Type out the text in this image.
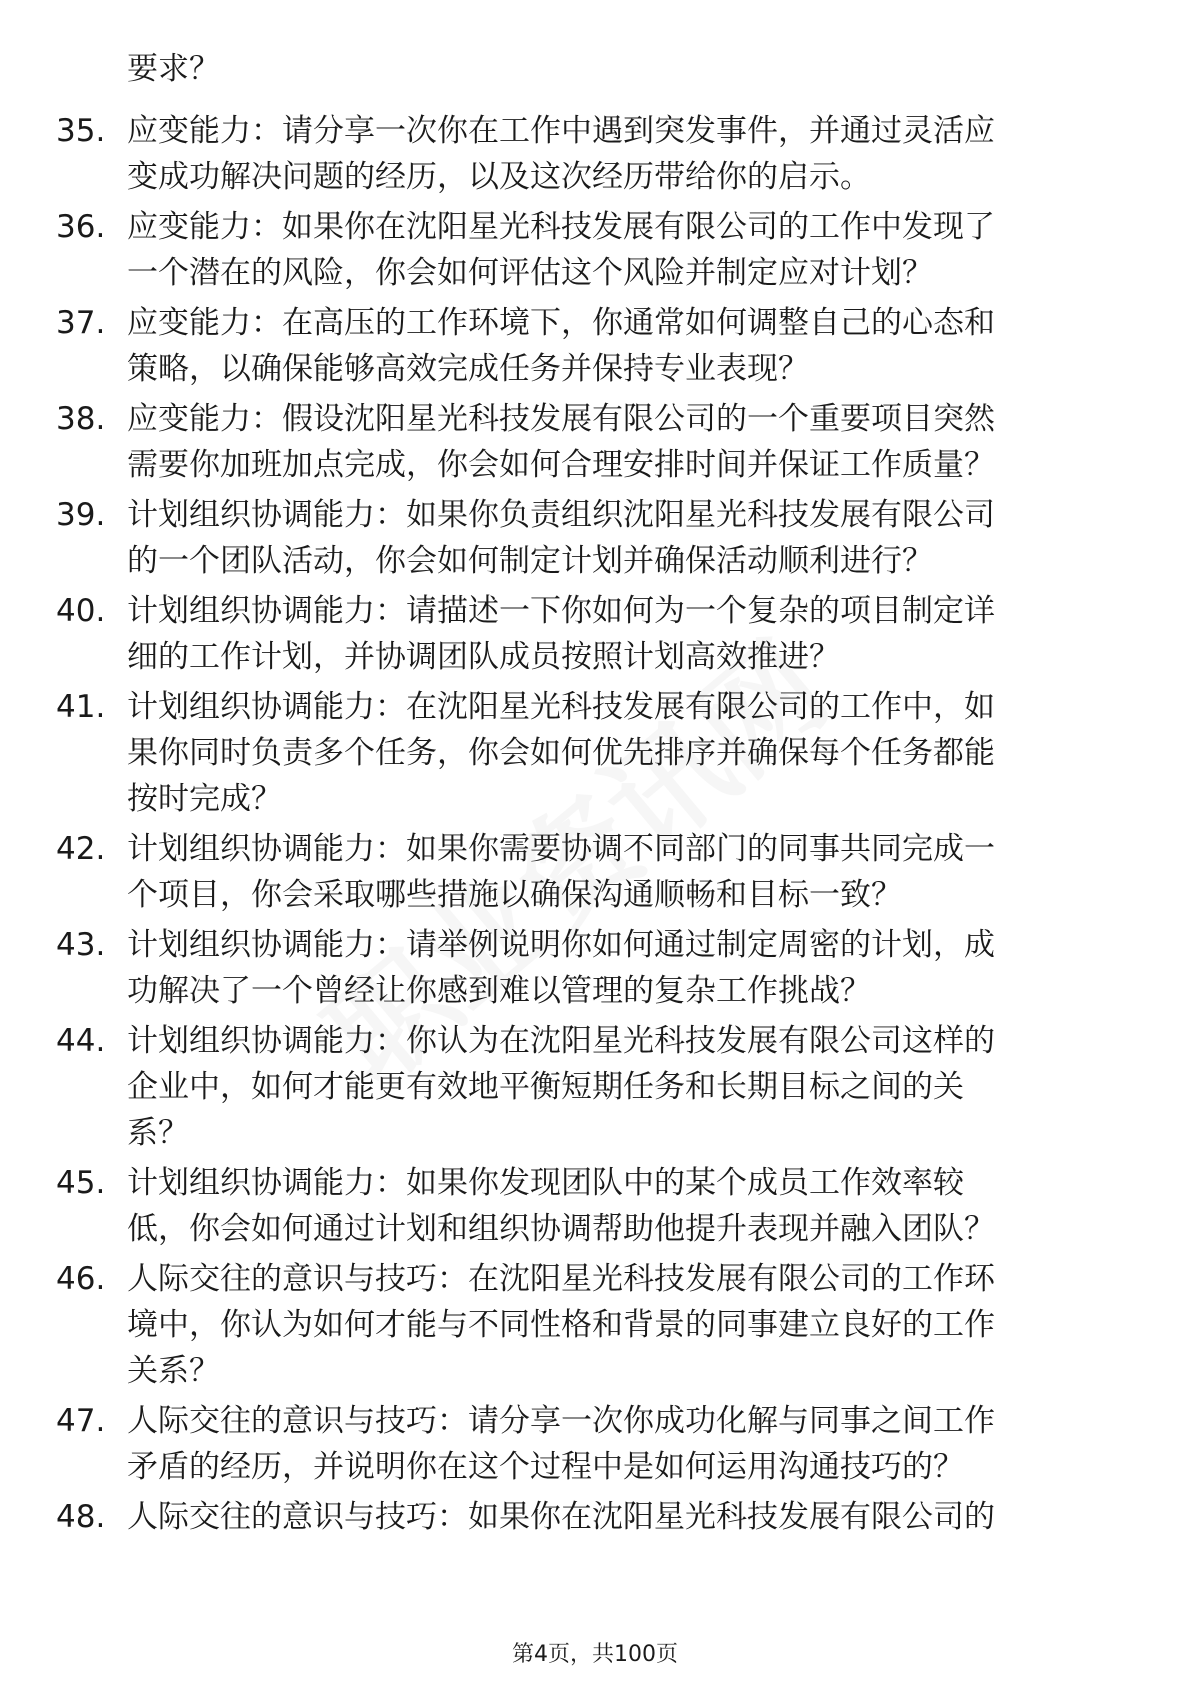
要求？
35. 应变能力：请分享一次你在工作中遇到突发事件，并通过灵活应
变成功解决问题的经历，以及这次经历带给你的启示。
36. 应变能力：如果你在沈阳星光科技发展有限公司的工作中发现了
一个潜在的风险，你会如何评估这个风险并制定应对计划？
37. 应变能力：在高压的工作环境下，你通常如何调整自己的心态和
策略，以确保能够高效完成任务并保持专业表现？
38. 应变能力：假设沈阳星光科技发展有限公司的一个重要项目突然
需要你加班加点完成，你会如何合理安排时间并保证工作质量？
39. 计划组织协调能力：如果你负责组织沈阳星光科技发展有限公司
的一个团队活动，你会如何制定计划并确保活动顺利进行？
40. 计划组织协调能力：请描述一下你如何为一个复杂的项目制定详
细的工作计划，并协调团队成员按照计划高效推进？
41. 计划组织协调能力：在沈阳星光科技发展有限公司的工作中，如
果你同时负责多个任务，你会如何优先排序并确保每个任务都能
按时完成？
42. 计划组织协调能力：如果你需要协调不同部门的同事共同完成一
个项目，你会采取哪些措施以确保沟通顺畅和目标一致？
43. 计划组织协调能力：请举例说明你如何通过制定周密的计划，成
功解决了一个曾经让你感到难以管理的复杂工作挑战？
44. 计划组织协调能力：你认为在沈阳星光科技发展有限公司这样的
企业中，如何才能更有效地平衡短期任务和长期目标之间的关
系？
45. 计划组织协调能力：如果你发现团队中的某个成员工作效率较
低，你会如何通过计划和组织协调帮助他提升表现并融入团队？
46. 人际交往的意识与技巧：在沈阳星光科技发展有限公司的工作环
境中，你认为如何才能与不同性格和背景的同事建立良好的工作
关系？
47. 人际交往的意识与技巧：请分享一次你成功化解与同事之间工作
矛盾的经历，并说明你在这个过程中是如何运用沟通技巧的？
48. 人际交往的意识与技巧：如果你在沈阳星光科技发展有限公司的
第4页，共100页
